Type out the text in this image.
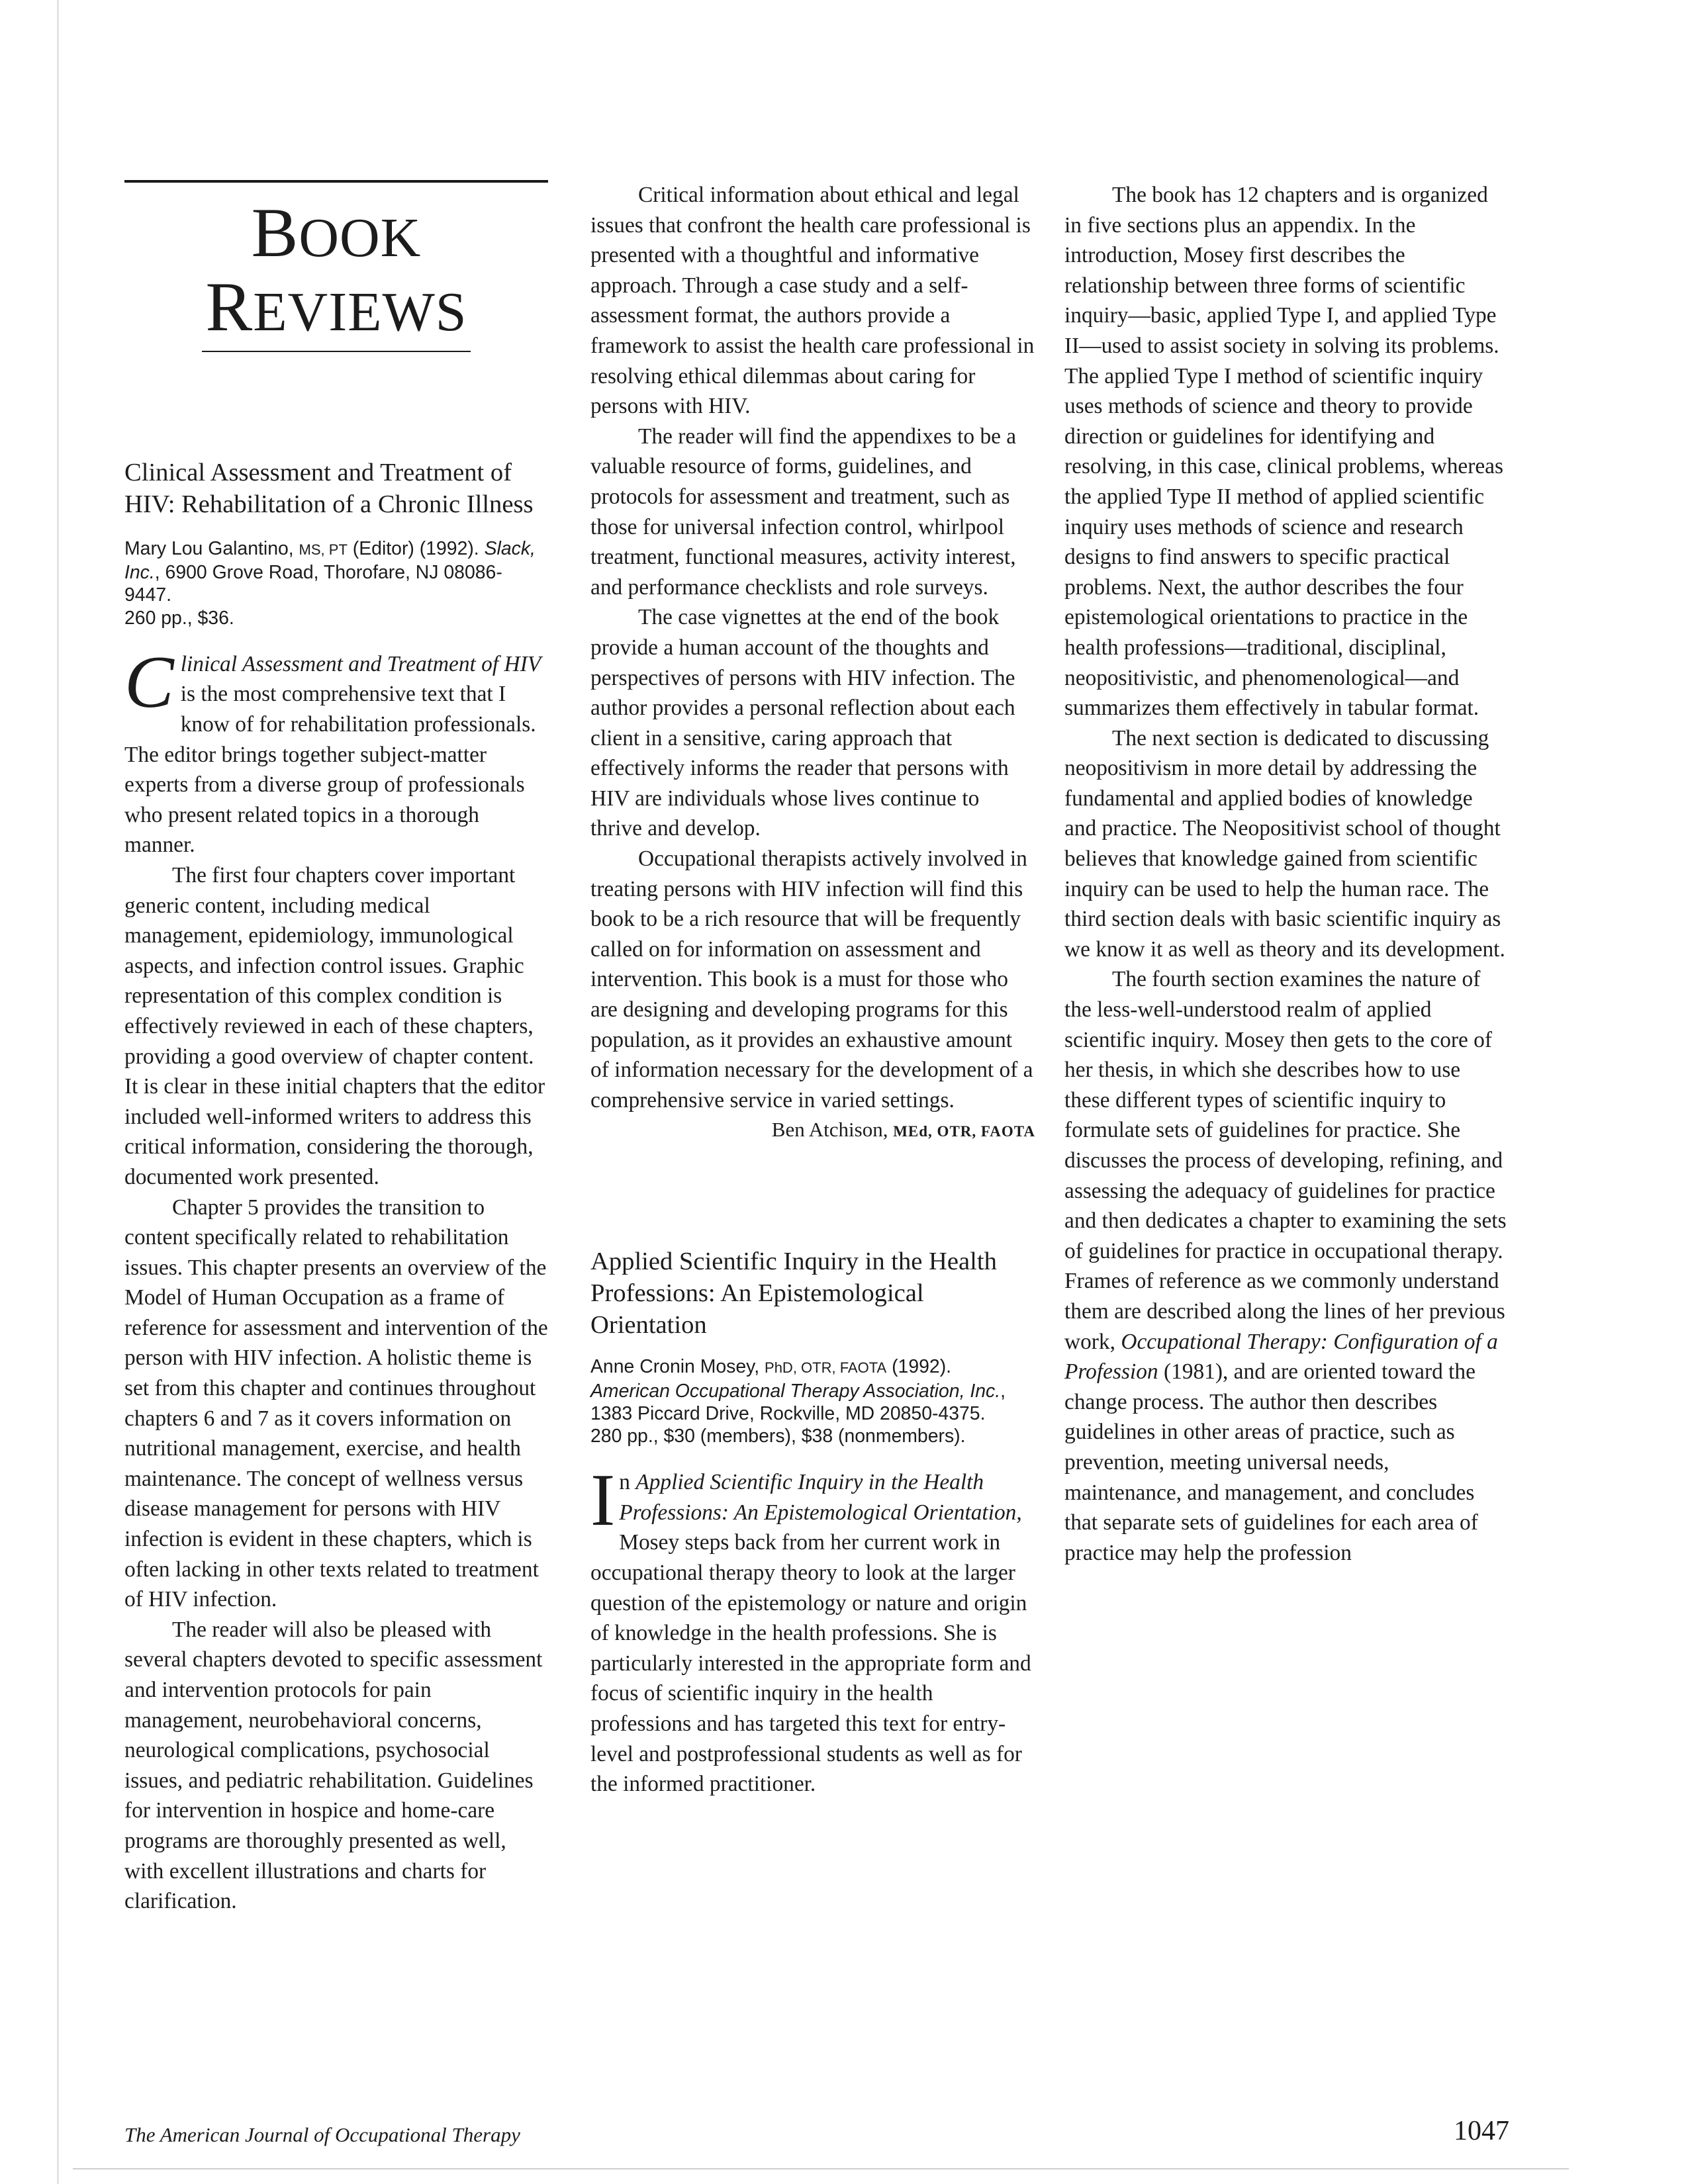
BOOK
REVIEWS
Clinical Assessment and Treatment of HIV: Rehabilitation of a Chronic Illness

Mary Lou Galantino, MS, PT (Editor) (1992). Slack, Inc., 6900 Grove Road, Thorofare, NJ 08086-9447.
260 pp., $36.

Clinical Assessment and Treatment of HIV is the most comprehensive text that I know of for rehabilitation professionals. The editor brings together subject-matter experts from a diverse group of professionals who present related topics in a thorough manner.

The first four chapters cover important generic content, including medical management, epidemiology, immunological aspects, and infection control issues. Graphic representation of this complex condition is effectively reviewed in each of these chapters, providing a good overview of chapter content. It is clear in these initial chapters that the editor included well-informed writers to address this critical information, considering the thorough, documented work presented.

Chapter 5 provides the transition to content specifically related to rehabilitation issues. This chapter presents an overview of the Model of Human Occupation as a frame of reference for assessment and intervention of the person with HIV infection. A holistic theme is set from this chapter and continues throughout chapters 6 and 7 as it covers information on nutritional management, exercise, and health maintenance. The concept of wellness versus disease management for persons with HIV infection is evident in these chapters, which is often lacking in other texts related to treatment of HIV infection.

The reader will also be pleased with several chapters devoted to specific assessment and intervention protocols for pain management, neurobehavioral concerns, neurological complications, psychosocial issues, and pediatric rehabilitation. Guidelines for intervention in hospice and home-care programs are thoroughly presented as well, with excellent illustrations and charts for clarification.

Critical information about ethical and legal issues that confront the health care professional is presented with a thoughtful and informative approach. Through a case study and a self-assessment format, the authors provide a framework to assist the health care professional in resolving ethical dilemmas about caring for persons with HIV.

The reader will find the appendixes to be a valuable resource of forms, guidelines, and protocols for assessment and treatment, such as those for universal infection control, whirlpool treatment, functional measures, activity interest, and performance checklists and role surveys.

The case vignettes at the end of the book provide a human account of the thoughts and perspectives of persons with HIV infection. The author provides a personal reflection about each client in a sensitive, caring approach that effectively informs the reader that persons with HIV are individuals whose lives continue to thrive and develop.

Occupational therapists actively involved in treating persons with HIV infection will find this book to be a rich resource that will be frequently called on for information on assessment and intervention. This book is a must for those who are designing and developing programs for this population, as it provides an exhaustive amount of information necessary for the development of a comprehensive service in varied settings.

Ben Atchison, MEd, OTR, FAOTA

Applied Scientific Inquiry in the Health Professions: An Epistemological Orientation

Anne Cronin Mosey, PhD, OTR, FAOTA (1992). American Occupational Therapy Association, Inc., 1383 Piccard Drive, Rockville, MD 20850-4375.
280 pp., $30 (members), $38 (nonmembers).

In Applied Scientific Inquiry in the Health Professions: An Epistemological Orientation, Mosey steps back from her current work in occupational therapy theory to look at the larger question of the epistemology or nature and origin of knowledge in the health professions. She is particularly interested in the appropriate form and focus of scientific inquiry in the health professions and has targeted this text for entry-level and postprofessional students as well as for the informed practitioner.

The book has 12 chapters and is organized in five sections plus an appendix. In the introduction, Mosey first describes the relationship between three forms of scientific inquiry—basic, applied Type I, and applied Type II—used to assist society in solving its problems. The applied Type I method of scientific inquiry uses methods of science and theory to provide direction or guidelines for identifying and resolving, in this case, clinical problems, whereas the applied Type II method of applied scientific inquiry uses methods of science and research designs to find answers to specific practical problems. Next, the author describes the four epistemological orientations to practice in the health professions—traditional, disciplinal, neopositivistic, and phenomenological—and summarizes them effectively in tabular format.

The next section is dedicated to discussing neopositivism in more detail by addressing the fundamental and applied bodies of knowledge and practice. The Neopositivist school of thought believes that knowledge gained from scientific inquiry can be used to help the human race. The third section deals with basic scientific inquiry as we know it as well as theory and its development.

The fourth section examines the nature of the less-well-understood realm of applied scientific inquiry. Mosey then gets to the core of her thesis, in which she describes how to use these different types of scientific inquiry to formulate sets of guidelines for practice. She discusses the process of developing, refining, and assessing the adequacy of guidelines for practice and then dedicates a chapter to examining the sets of guidelines for practice in occupational therapy. Frames of reference as we commonly understand them are described along the lines of her previous work, Occupational Therapy: Configuration of a Profession (1981), and are oriented toward the change process. The author then describes guidelines in other areas of practice, such as prevention, meeting universal needs, maintenance, and management, and concludes that separate sets of guidelines for each area of practice may help the profession

The American Journal of Occupational Therapy	1047
